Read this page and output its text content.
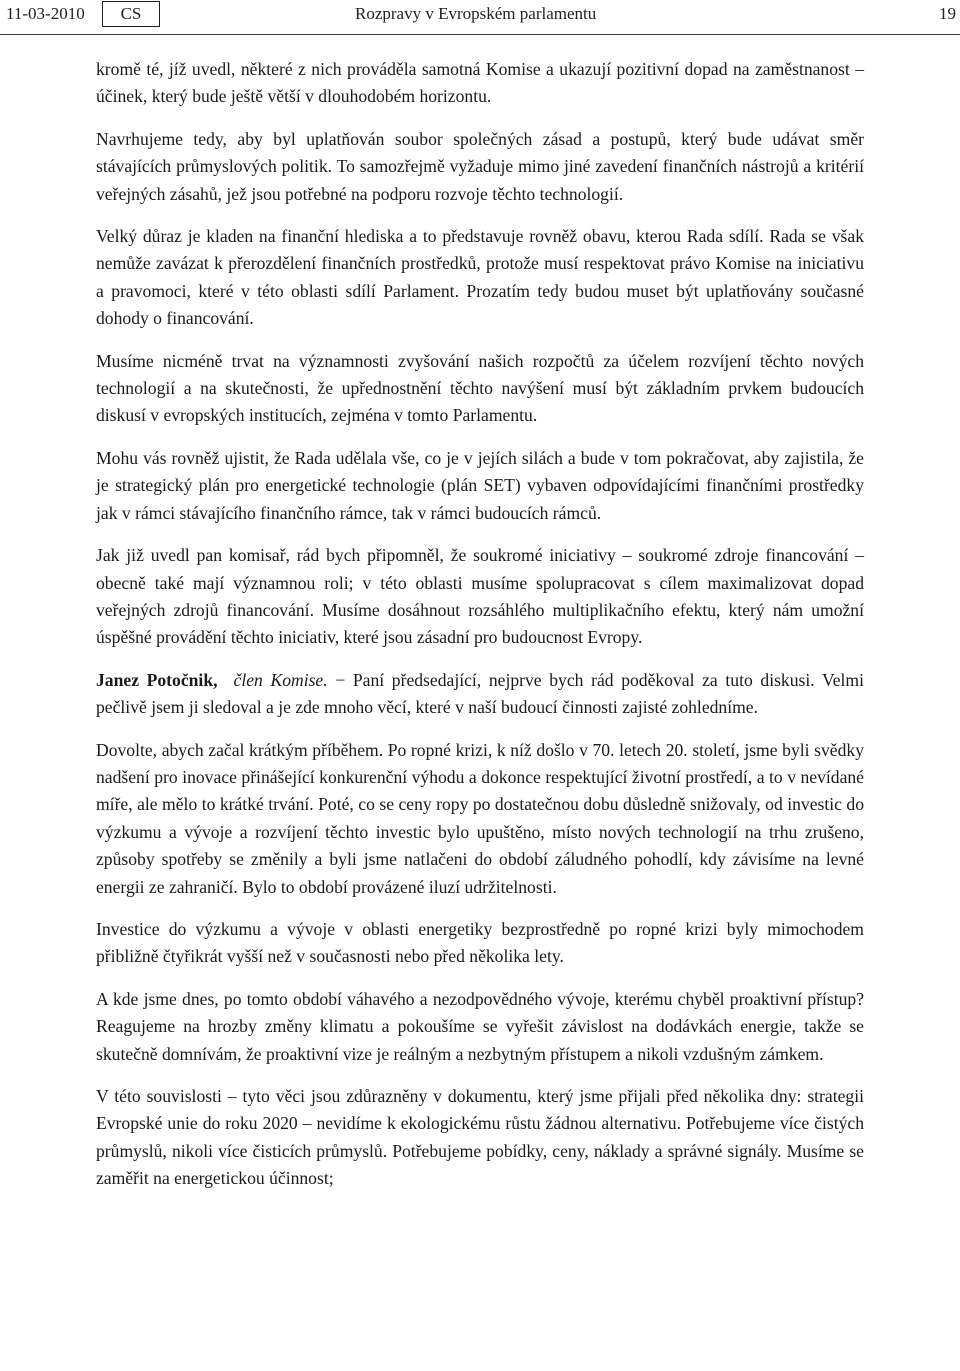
11-03-2010	CS	Rozpravy v Evropském parlamentu	19

kromě té, jíž uvedl, některé z nich prováděla samotná Komise a ukazují pozitivní dopad na zaměstnanost – účinek, který bude ještě větší v dlouhodobém horizontu.

Navrhujeme tedy, aby byl uplatňován soubor společných zásad a postupů, který bude udávat směr stávajících průmyslových politik. To samozřejmě vyžaduje mimo jiné zavedení finančních nástrojů a kritérií veřejných zásahů, jež jsou potřebné na podporu rozvoje těchto technologií.

Velký důraz je kladen na finanční hlediska a to představuje rovněž obavu, kterou Rada sdílí. Rada se však nemůže zavázat k přerozdělení finančních prostředků, protože musí respektovat právo Komise na iniciativu a pravomoci, které v této oblasti sdílí Parlament. Prozatím tedy budou muset být uplatňovány současné dohody o financování.

Musíme nicméně trvat na významnosti zvyšování našich rozpočtů za účelem rozvíjení těchto nových technologií a na skutečnosti, že upřednostnění těchto navýšení musí být základním prvkem budoucích diskusí v evropských institucích, zejména v tomto Parlamentu.

Mohu vás rovněž ujistit, že Rada udělala vše, co je v jejích silách a bude v tom pokračovat, aby zajistila, že je strategický plán pro energetické technologie (plán SET) vybaven odpovídajícími finančními prostředky jak v rámci stávajícího finančního rámce, tak v rámci budoucích rámců.

Jak již uvedl pan komisař, rád bych připomněl, že soukromé iniciativy – soukromé zdroje financování – obecně také mají významnou roli; v této oblasti musíme spolupracovat s cílem maximalizovat dopad veřejných zdrojů financování. Musíme dosáhnout rozsáhlého multiplikačního efektu, který nám umožní úspěšné provádění těchto iniciativ, které jsou zásadní pro budoucnost Evropy.

Janez Potočnik, člen Komise. − Paní předsedající, nejprve bych rád poděkoval za tuto diskusi. Velmi pečlivě jsem ji sledoval a je zde mnoho věcí, které v naší budoucí činnosti zajisté zohledníme.

Dovolte, abych začal krátkým příběhem. Po ropné krizi, k níž došlo v 70. letech 20. století, jsme byli svědky nadšení pro inovace přinášející konkurenční výhodu a dokonce respektující životní prostředí, a to v nevídané míře, ale mělo to krátké trvání. Poté, co se ceny ropy po dostatečnou dobu důsledně snižovaly, od investic do výzkumu a vývoje a rozvíjení těchto investic bylo upuštěno, místo nových technologií na trhu zrušeno, způsoby spotřeby se změnily a byli jsme natlačeni do období záludného pohodlí, kdy závisíme na levné energii ze zahraničí. Bylo to období provázené iluzí udržitelnosti.

Investice do výzkumu a vývoje v oblasti energetiky bezprostředně po ropné krizi byly mimochodem přibližně čtyřikrát vyšší než v současnosti nebo před několika lety.

A kde jsme dnes, po tomto období váhavého a nezodpovědného vývoje, kterému chyběl proaktivní přístup? Reagujeme na hrozby změny klimatu a pokoušíme se vyřešit závislost na dodávkách energie, takže se skutečně domnívám, že proaktivní vize je reálným a nezbytným přístupem a nikoli vzdušným zámkem.

V této souvislosti – tyto věci jsou zdůrazněny v dokumentu, který jsme přijali před několika dny: strategii Evropské unie do roku 2020 – nevidíme k ekologickému růstu žádnou alternativu. Potřebujeme více čistých průmyslů, nikoli více čisticích průmyslů. Potřebujeme pobídky, ceny, náklady a správné signály. Musíme se zaměřit na energetickou účinnost;
